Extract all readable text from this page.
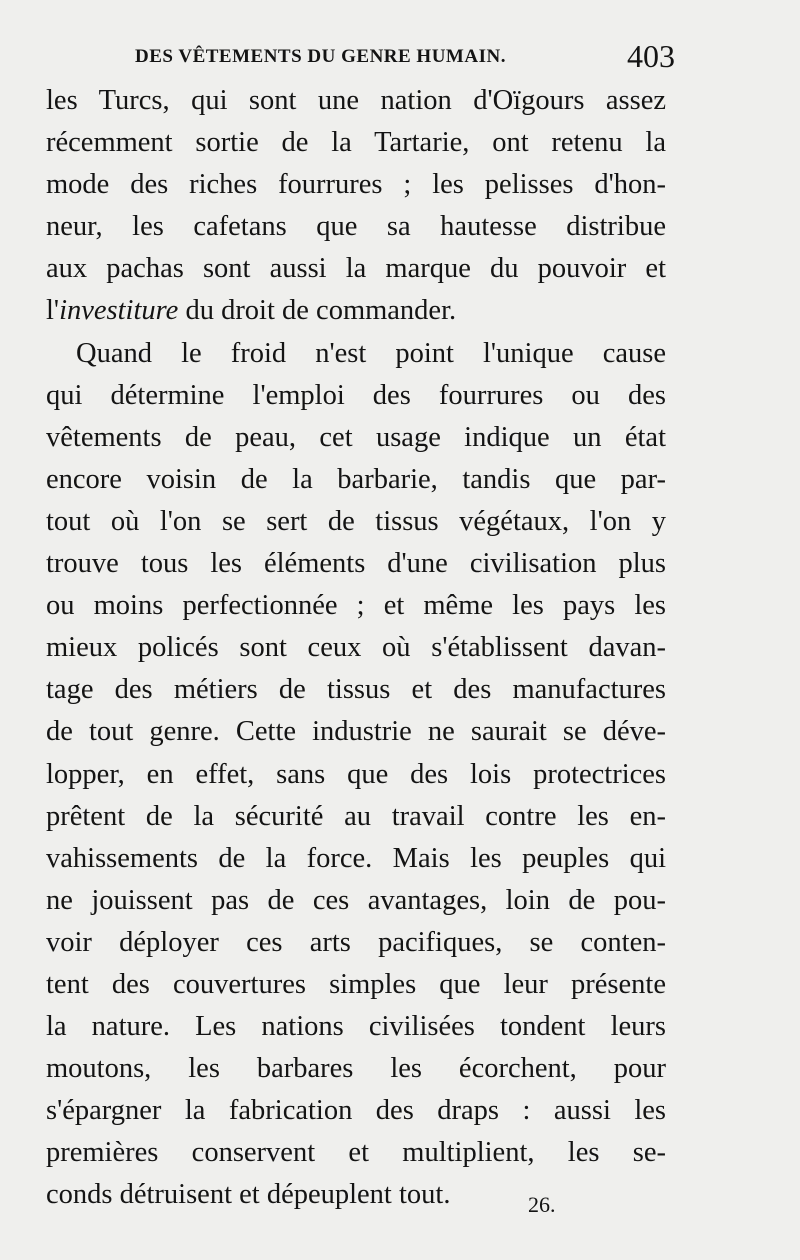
DES VÊTEMENTS DU GENRE HUMAIN.	403
les Turcs, qui sont une nation d'Oïgours assez
récemment sortie de la Tartarie, ont retenu la
mode des riches fourrures ; les pelisses d'hon-
neur, les cafetans que sa hautesse distribue
aux pachas sont aussi la marque du pouvoir et
l'investiture du droit de commander.
Quand le froid n'est point l'unique cause
qui détermine l'emploi des fourrures ou des
vêtements de peau, cet usage indique un état
encore voisin de la barbarie, tandis que par-
tout où l'on se sert de tissus végétaux, l'on y
trouve tous les éléments d'une civilisation plus
ou moins perfectionnée ; et même les pays les
mieux policés sont ceux où s'établissent davan-
tage des métiers de tissus et des manufactures
de tout genre. Cette industrie ne saurait se déve-
lopper, en effet, sans que des lois protectrices
prêtent de la sécurité au travail contre les en-
vahissements de la force. Mais les peuples qui
ne jouissent pas de ces avantages, loin de pou-
voir déployer ces arts pacifiques, se conten-
tent des couvertures simples que leur présente
la nature. Les nations civilisées tondent leurs
moutons, les barbares les écorchent, pour
s'épargner la fabrication des draps : aussi les
premières conservent et multiplient, les se-
conds détruisent et dépeuplent tout.	26.
